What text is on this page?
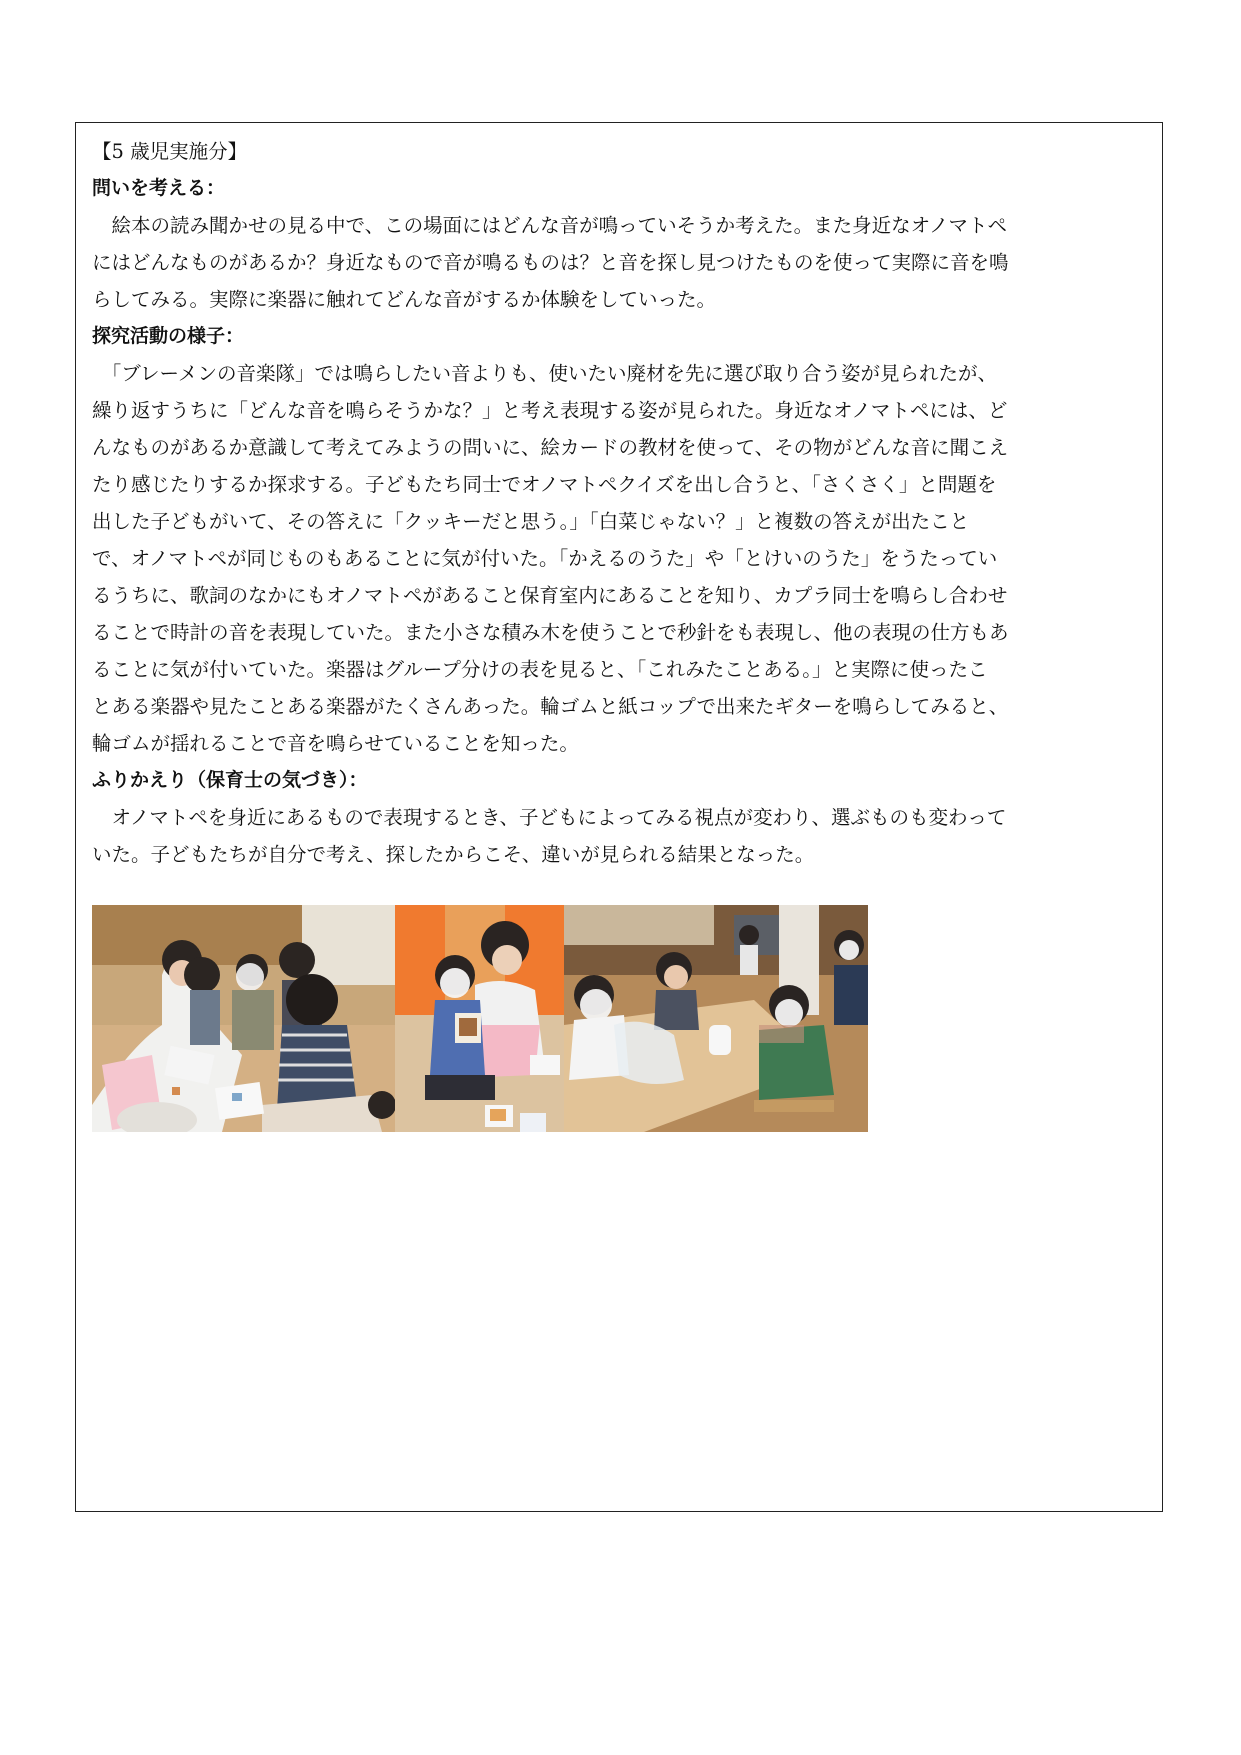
【5 歳児実施分】
問いを考える：
　絵本の読み聞かせの見る中で、この場面にはどんな音が鳴っていそうか考えた。また身近なオノマトペ
にはどんなものがあるか？身近なもので音が鳴るものは？と音を探し見つけたものを使って実際に音を鳴
らしてみる。実際に楽器に触れてどんな音がするか体験をしていった。
探究活動の様子：
　「ブレーメンの音楽隊」では鳴らしたい音よりも、使いたい廃材を先に選び取り合う姿が見られたが、
繰り返すうちに「どんな音を鳴らそうかな？」と考え表現する姿が見られた。身近なオノマトペには、ど
んなものがあるか意識して考えてみようの問いに、絵カードの教材を使って、その物がどんな音に聞こえ
たり感じたりするか探求する。子どもたち同士でオノマトペクイズを出し合うと、「さくさく」と問題を
出した子どもがいて、その答えに「クッキーだと思う。」「白菜じゃない？」と複数の答えが出たこと
で、オノマトペが同じものもあることに気が付いた。「かえるのうた」や「とけいのうた」をうたってい
るうちに、歌詞のなかにもオノマトペがあること保育室内にあることを知り、カプラ同士を鳴らし合わせ
ることで時計の音を表現していた。また小さな積み木を使うことで秒針をも表現し、他の表現の仕方もあ
ることに気が付いていた。楽器はグループ分けの表を見ると、「これみたことある。」と実際に使ったこ
とある楽器や見たことある楽器がたくさんあった。輪ゴムと紙コップで出来たギターを鳴らしてみると、
輪ゴムが揺れることで音を鳴らせていることを知った。
ふりかえり（保育士の気づき）：
　オノマトペを身近にあるもので表現するとき、子どもによってみる視点が変わり、選ぶものも変わって
いた。子どもたちが自分で考え、探したからこそ、違いが見られる結果となった。
